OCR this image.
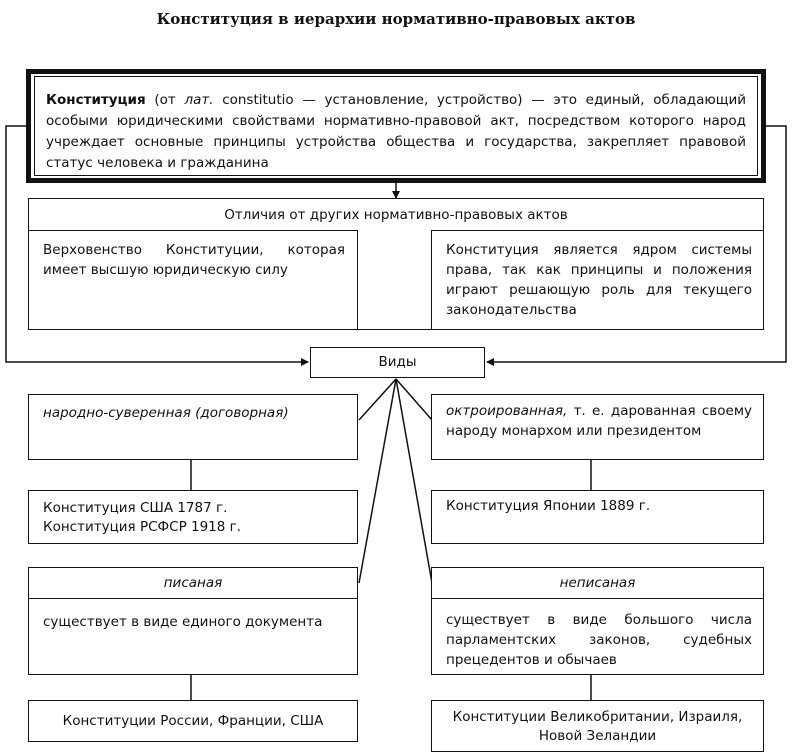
Конституция в иерархии нормативно-правовых актов
Конституция (от лат. constitutio — установление, устройство) — это единый, обладающий особыми юридическими свойствами нормативно-правовой акт, посредством которого народ учреждает основные принципы устройства общества и государства, закрепляет правовой статус человека и гражданина
Отличия от других нормативно-правовых актов
Верховенство Конституции, которая имеет высшую юридическую силу
Конституция является ядром системы права, так как принципы и положения играют решающую роль для текущего законодательства
Виды
народно-суверенная (договорная)
Конституция США 1787 г.
Конституция РСФСР 1918 г.
октроированная, т. е. дарованная своему народу монархом или президентом
Конституция Японии 1889 г.
писаная
существует в виде единого документа
Конституции России, Франции, США
неписаная
существует в виде большого числа парламентских законов, судебных прецедентов и обычаев
Конституции Великобритании, Израиля,
Новой Зеландии
